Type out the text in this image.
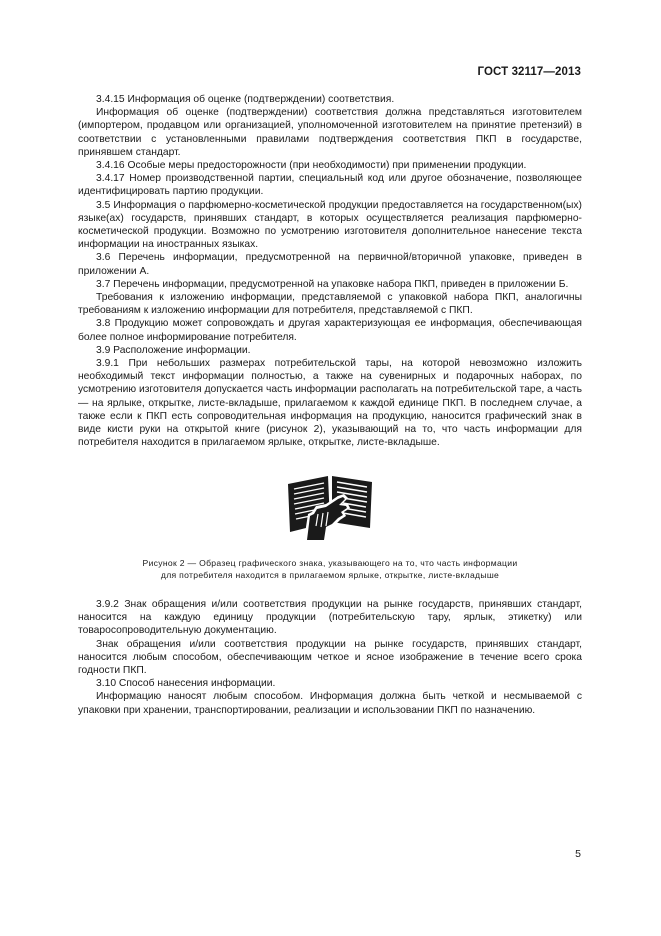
ГОСТ 32117—2013

3.4.15 Информация об оценке (подтверждении) соответствия.

Информация об оценке (подтверждении) соответствия должна представляться изготовителем (импортером, продавцом или организацией, уполномоченной изготовителем на принятие претензий) в соответствии с установленными правилами подтверждения соответствия ПКП в государстве, принявшем стандарт.

3.4.16 Особые меры предосторожности (при необходимости) при применении продукции.

3.4.17 Номер производственной партии, специальный код или другое обозначение, позволяющее идентифицировать партию продукции.

3.5 Информация о парфюмерно-косметической продукции предоставляется на государственном(ых) языке(ах) государств, принявших стандарт, в которых осуществляется реализация парфюмерно-косметической продукции. Возможно по усмотрению изготовителя дополнительное нанесение текста информации на иностранных языках.

3.6 Перечень информации, предусмотренной на первичной/вторичной упаковке, приведен в приложении А.

3.7 Перечень информации, предусмотренной на упаковке набора ПКП, приведен в приложении Б.

Требования к изложению информации, представляемой с упаковкой набора ПКП, аналогичны требованиям к изложению информации для потребителя, представляемой с ПКП.

3.8 Продукцию может сопровождать и другая характеризующая ее информация, обеспечивающая более полное информирование потребителя.

3.9 Расположение информации.

3.9.1 При небольших размерах потребительской тары, на которой невозможно изложить необходимый текст информации полностью, а также на сувенирных и подарочных наборах, по усмотрению изготовителя допускается часть информации располагать на потребительской таре, а часть — на ярлыке, открытке, листе-вкладыше, прилагаемом к каждой единице ПКП. В последнем случае, а также если к ПКП есть сопроводительная информация на продукцию, наносится графический знак в виде кисти руки на открытой книге (рисунок 2), указывающий на то, что часть информации для потребителя находится в прилагаемом ярлыке, открытке, листе-вкладыше.

Рисунок 2 — Образец графического знака, указывающего на то, что часть информации
для потребителя находится в прилагаемом ярлыке, открытке, листе-вкладыше

3.9.2 Знак обращения и/или соответствия продукции на рынке государств, принявших стандарт, наносится на каждую единицу продукции (потребительскую тару, ярлык, этикетку) или товаросопроводительную документацию.

Знак обращения и/или соответствия продукции на рынке государств, принявших стандарт, наносится любым способом, обеспечивающим четкое и ясное изображение в течение всего срока годности ПКП.

3.10 Способ нанесения информации.

Информацию наносят любым способом. Информация должна быть четкой и несмываемой с упаковки при хранении, транспортировании, реализации и использовании ПКП по назначению.

5
